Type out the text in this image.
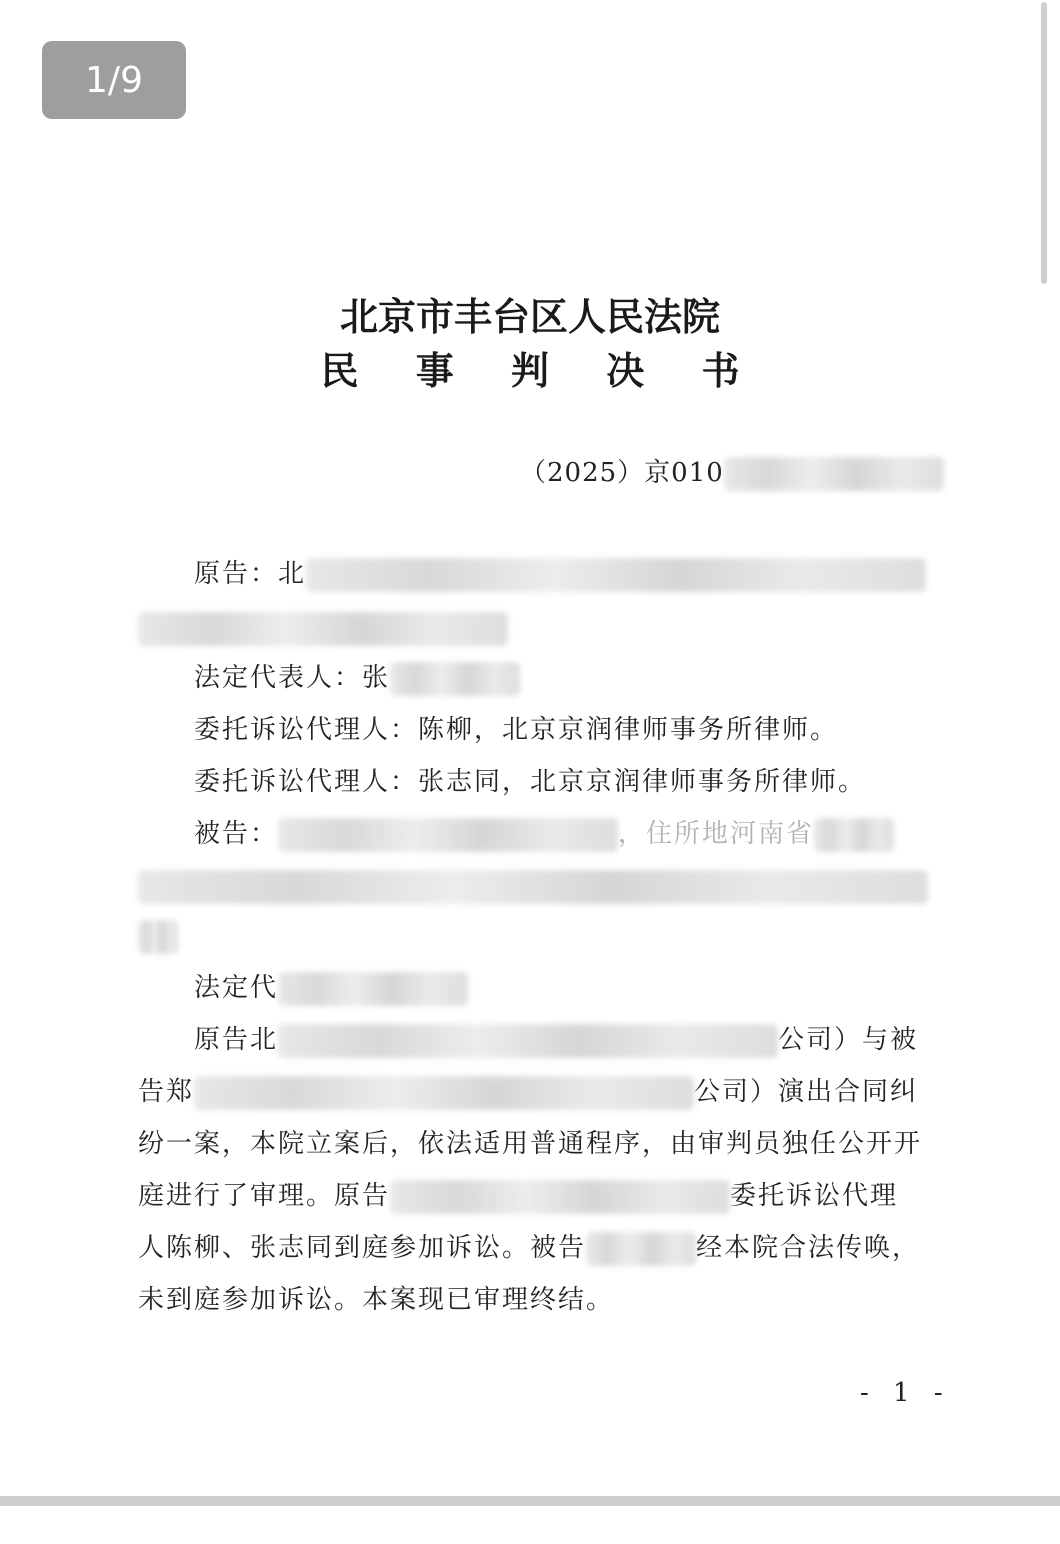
1/9
北京市丰台区人民法院
民 事 判 决 书
（2025）京010
原告：北
法定代表人：张
委托诉讼代理人：陈柳，北京京润律师事务所律师。
委托诉讼代理人：张志同，北京京润律师事务所律师。
被告：	，住所地河南省
法定代
原告北	公司）与被
告郑	公司）演出合同纠
纷一案，本院立案后，依法适用普通程序，由审判员独任公开开
庭进行了审理。原告	委托诉讼代理
人陈柳、张志同到庭参加诉讼。被告	经本院合法传唤，
未到庭参加诉讼。本案现已审理终结。
- 1 -
